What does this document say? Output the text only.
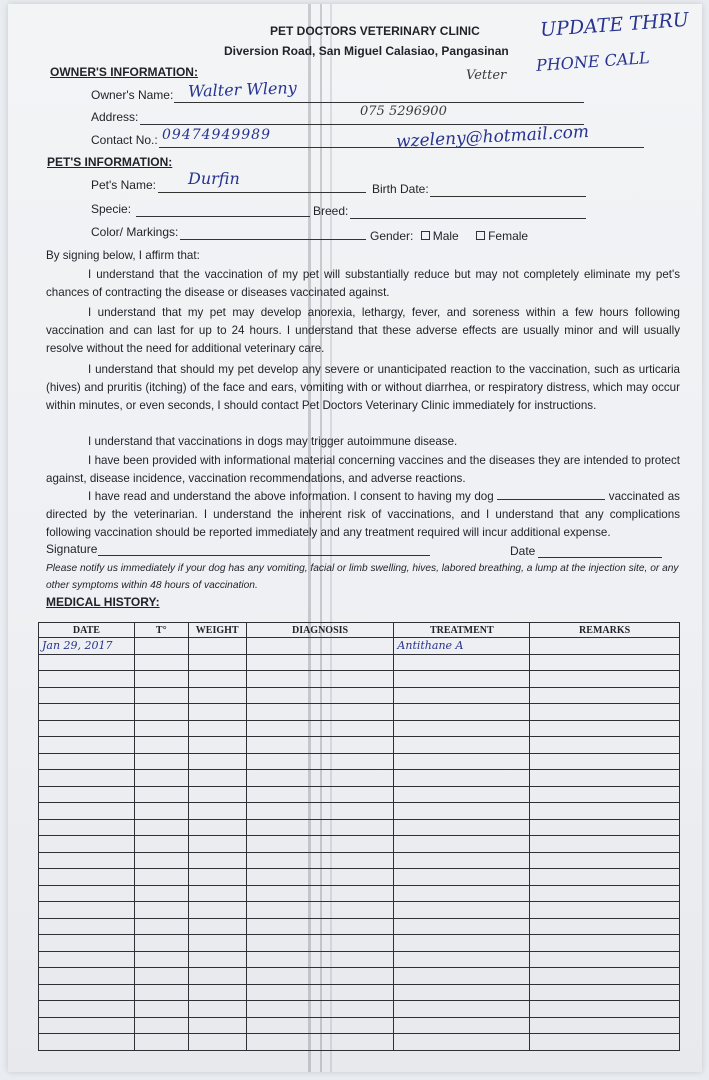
PET DOCTORS VETERINARY CLINIC
Diversion Road, San Miguel Calasiao, Pangasinan
UPDATE THRU
PHONE CALL
Vetter
OWNER'S INFORMATION:
Owner's Name: Walter Wleny
Address:	075 5296900
Contact No.: 09474949989	wzeleny@hotmail.com
PET'S INFORMATION:
Pet's Name: Durfin
Birth Date:
Specie:	Breed:
Color/ Markings:	Gender: Male Female
By signing below, I affirm that:
I understand that the vaccination of my pet will substantially reduce but may not completely eliminate my pet's chances of contracting the disease or diseases vaccinated against.
I understand that my pet may develop anorexia, lethargy, fever, and soreness within a few hours following vaccination and can last for up to 24 hours. I understand that these adverse effects are usually minor and will usually resolve without the need for additional veterinary care.
I understand that should my pet develop any severe or unanticipated reaction to the vaccination, such as urticaria (hives) and pruritis (itching) of the face and ears, vomiting with or without diarrhea, or respiratory distress, which may occur within minutes, or even seconds, I should contact Pet Doctors Veterinary Clinic immediately for instructions.
I understand that vaccinations in dogs may trigger autoimmune disease.
I have been provided with informational material concerning vaccines and the diseases they are intended to protect against, disease incidence, vaccination recommendations, and adverse reactions.
I have read and understand the above information. I consent to having my dog	vaccinated as directed by the veterinarian. I understand the inherent risk of vaccinations, and I understand that any complications following vaccination should be reported immediately and any treatment required will incur additional expense.
Signature	Date
Please notify us immediately if your dog has any vomiting, facial or limb swelling, hives, labored breathing, a lump at the injection site, or any other symptoms within 48 hours of vaccination.
MEDICAL HISTORY:
DATE	T°	WEIGHT	DIAGNOSIS	TREATMENT	REMARKS
Jan 29, 2017				Antithane A	
